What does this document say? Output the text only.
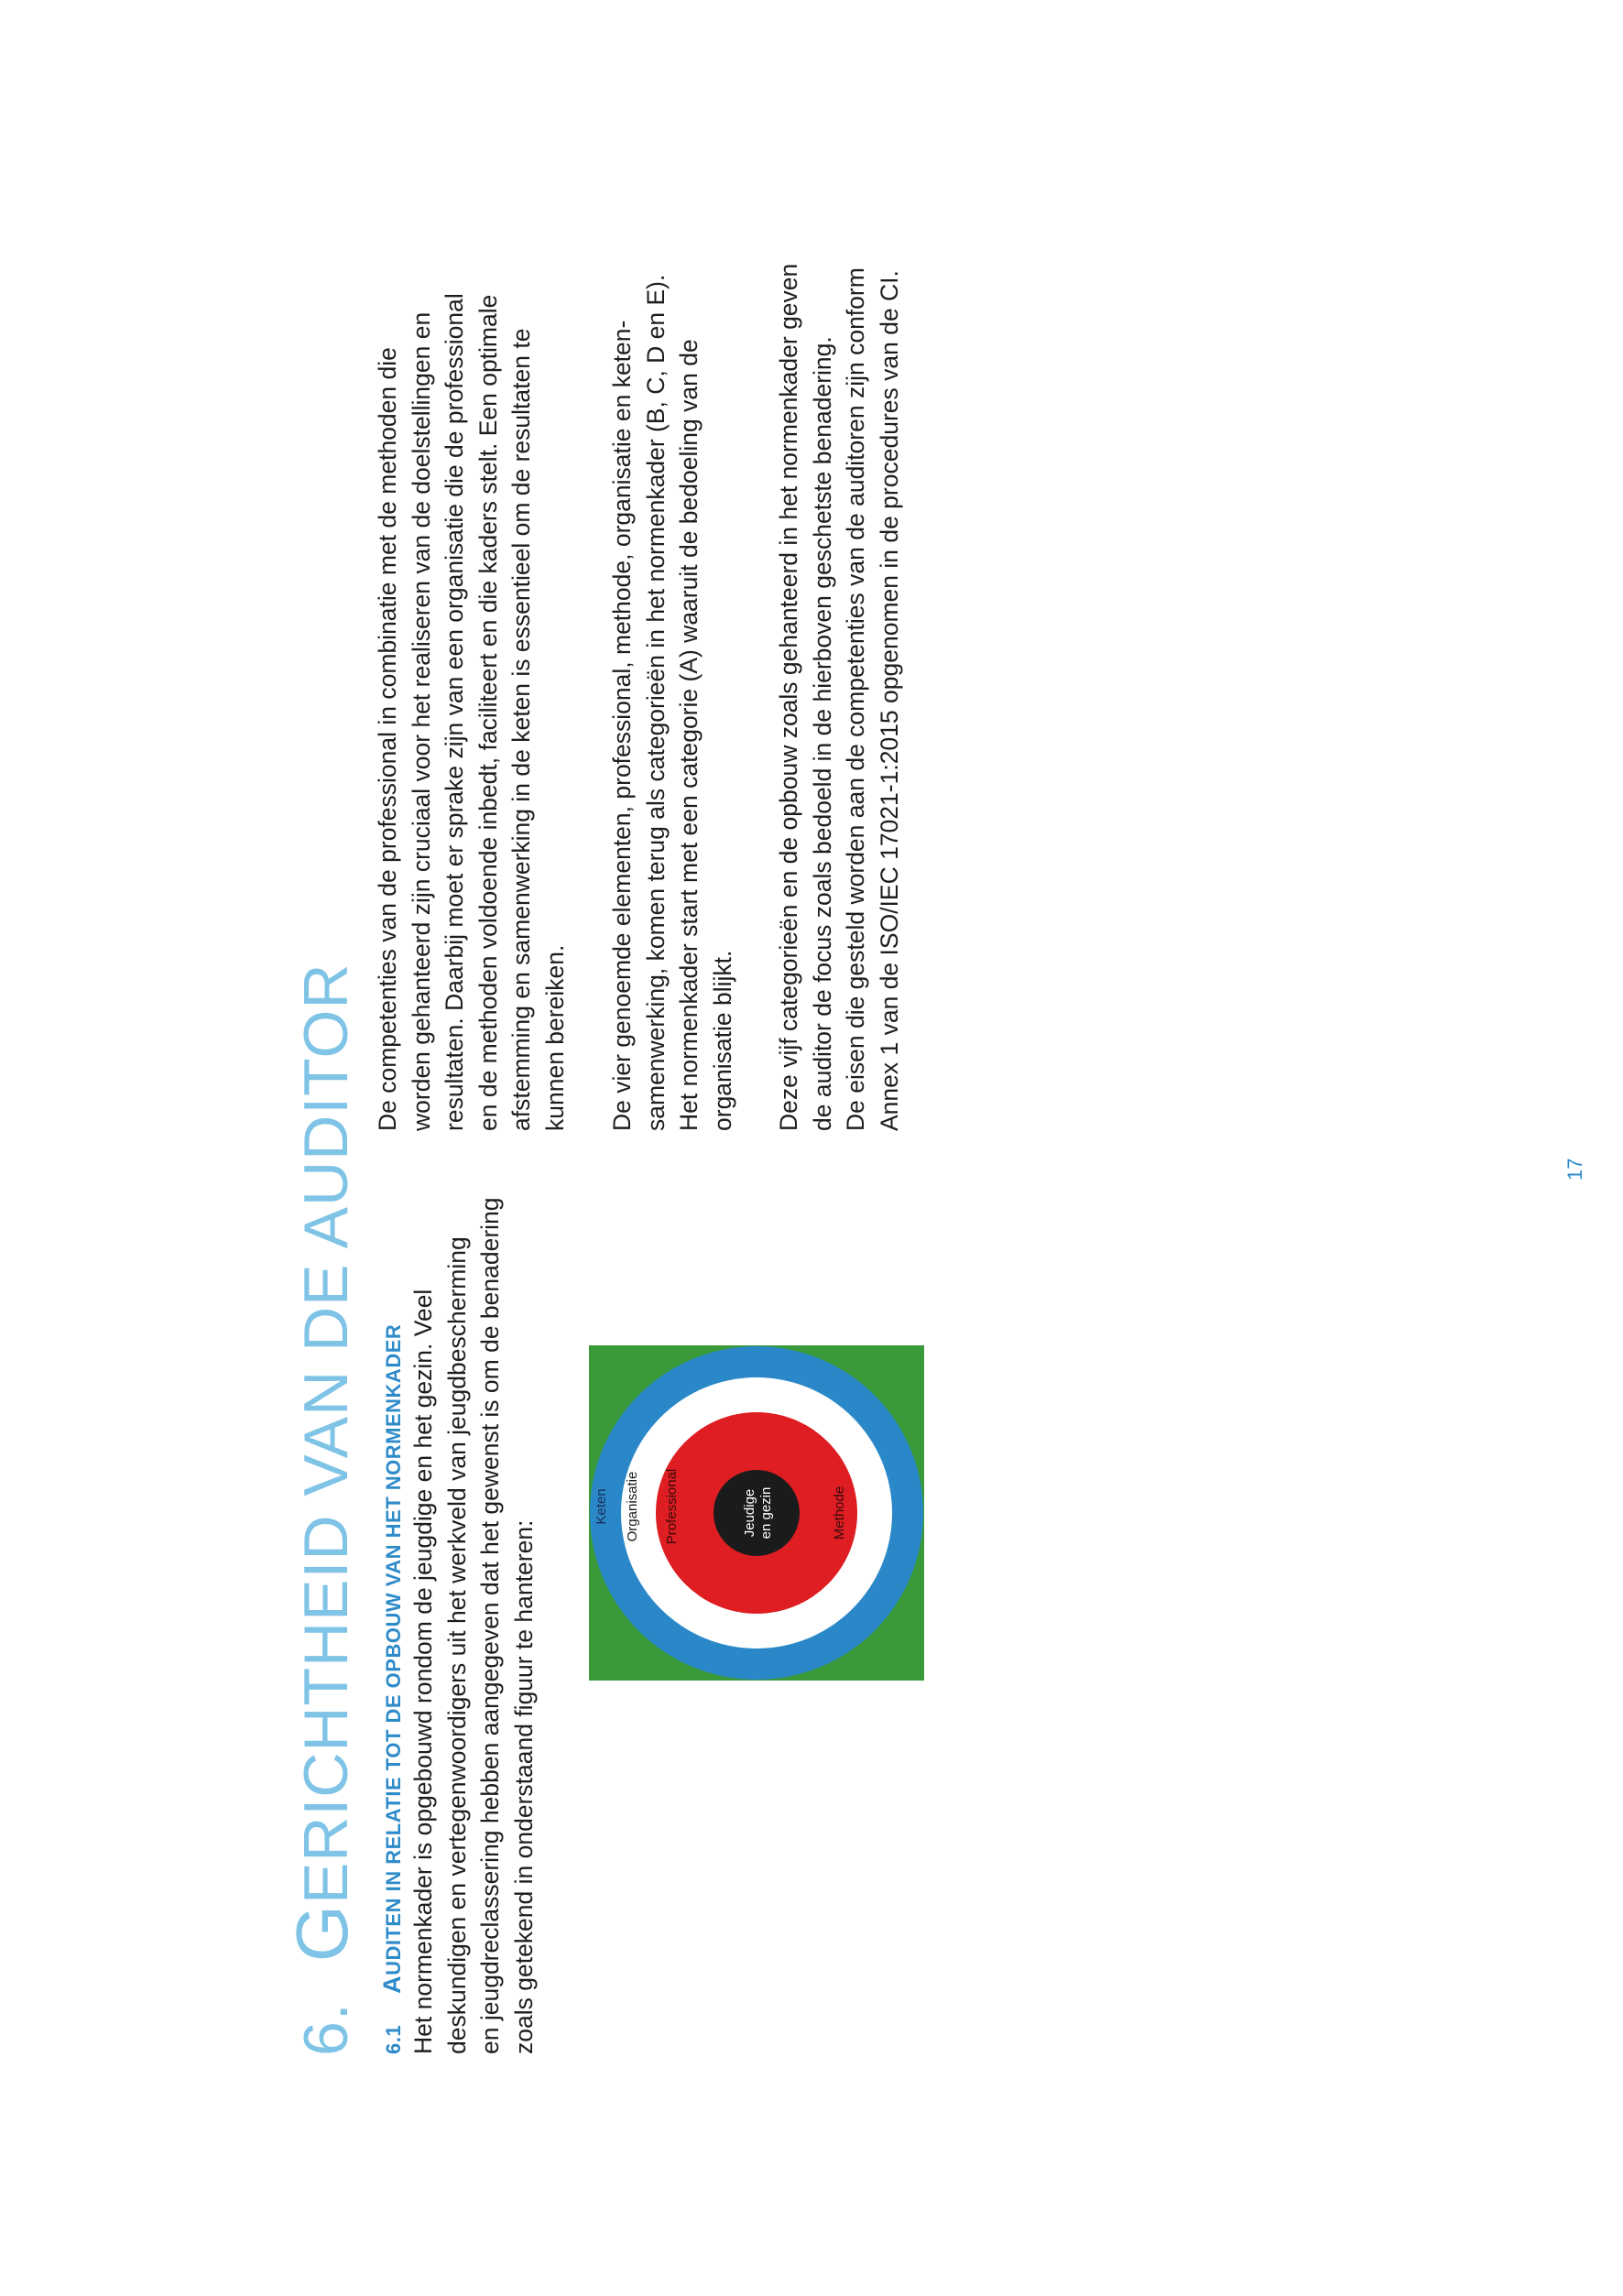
6.GERICHTHEID VAN DE AUDITOR
6.1AUDITEN IN RELATIE TOT DE OPBOUW VAN HET NORMENKADER Het normenkader is opgebouwd rondom de jeugdige en het gezin. Veel deskundigen en vertegenwoordigers uit het werkveld van jeugdbescherming en jeugdreclassering hebben aangegeven dat het gewenst is om de benadering zoals getekend in onderstaand figuur te hanteren:
Keten Organisatie Professional	Jeudige en gezin	Methode
De competenties van de professional in combinatie met de methoden die worden gehanteerd zijn cruciaal voor het realiseren van de doelstellingen en resultaten. Daarbij moet er sprake zijn van een organisatie die de professional en de methoden voldoende inbedt, faciliteert en die kaders stelt. Een optimale afstemming en samenwerking in de keten is essentieel om de resultaten te kunnen bereiken. De vier genoemde elementen, professional, methode, organisatie en keten- samenwerking, komen terug als categorieën in het normenkader (B, C, D en E). Het normenkader start met een categorie (A) waaruit de bedoeling van de organisatie blijkt. Deze vijf categorieën en de opbouw zoals gehanteerd in het normenkader geven de auditor de focus zoals bedoeld in de hierboven geschetste benadering. De eisen die gesteld worden aan de competenties van de auditoren zijn conform Annex 1 van de ISO/IEC 17021-1:2015 opgenomen in de procedures van de CI.
17
